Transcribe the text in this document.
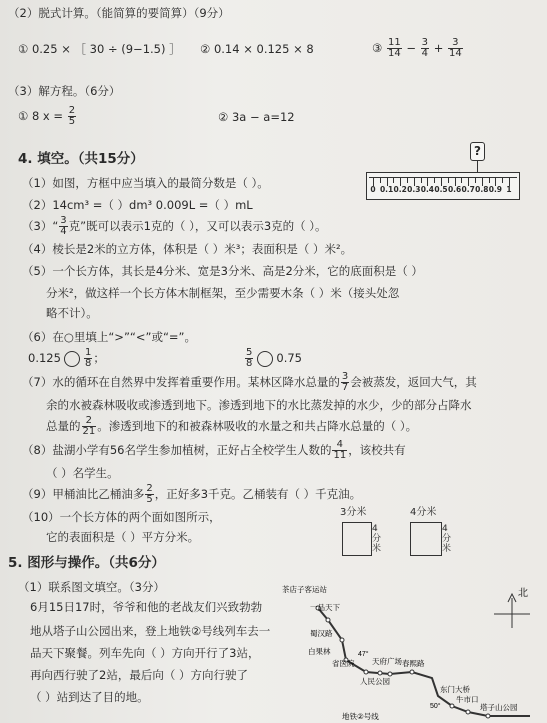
（2）脱式计算。（能简算的要简算）（9分）
① 0.25 × ［ 30 ÷ (9−1.5) ］ ② 0.14 × 0.125 × 8	③ $\frac{11}{14} - \frac{3}{4} + \frac{3}{14}$
（3）解方程。（6分）
① 8 $x = \frac{2}{5}$	② 3a − a=12
4. 填空。（共15分）	?
0 0.1 0.2 0.3 0.4 0.5 0.6 0.7 0.8 0.9 1
（1）如图，方框中应当填入的最简分数是（ ）。
（2）14cm³ =（ ）dm³ 0.009L =（ ）mL
（3）“ $\frac{3}{4}$ 克”既可以表示1克的（ ），又可以表示3克的（ ）。
（4）棱长是2米的立方体，体积是（ ）米³；表面积是（ ）米²。
（5）一个长方体，其长是4分米、宽是3分米、高是2分米，它的底面积是（ ）
分米²，做这样一个长方体木制框架，至少需要木条（ ）米（接头处忽
略不计）。
（6）在○里填上“>”“<”或“=”。
$0.125 \frac{1}{8}$ ；	$\frac{5}{8} 0.75$
（7）水的循环在自然界中发挥着重要作用。某林区降水总量的 $\frac{3}{7}$ 会被蒸发，返回大气，其
余的水被森林吸收或渗透到地下。渗透到地下的水比蒸发掉的水少，少的部分占降水
总量的 $\frac{2}{21}$ 。渗透到地下的和被森林吸收的水量之和共占降水总量的（ ）。
（8）盐湖小学有56名学生参加植树，正好占全校学生人数的 $\frac{4}{11}$ ，该校共有
（ ）名学生。
（9）甲桶油比乙桶油多 $\frac{2}{5}$ ，正好多3千克。乙桶装有（ ）千克油。
（10）一个长方体的两个面如图所示，
它的表面积是（ ）平方分米。
3分米
4分米
4分米
4分米
5. 图形与操作。（共6分）
（1）联系图文填空。（3分）
6月15日17时，爷爷和他的老战友们兴致勃勃
地从塔子山公园出来，登上地铁②号线列车去一
品天下聚餐。列车先向（ ）方向开行了3站，
再向西行驶了2站，最后向（ ）方向行驶了
（ ）站到达了目的地。
北
茶店子客运站
一品天下
蜀汉路
白果林
省医院 天府广场 春熙路
人民公园
东门大桥
牛市口
塔子山公园
47°
50°
地铁②号线
